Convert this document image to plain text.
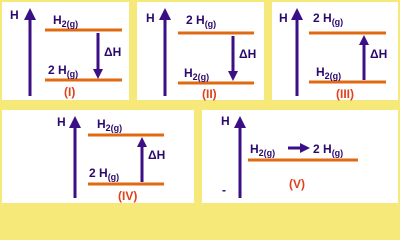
H	$H_{2(g)}$
2 $H_{(g)}$
ΔH
(I)
H	2 $H_{(g)}$
$H_{2(g)}$
ΔH
(II)
H 2 $H_{(g)}$
$H_{2(g)}$
ΔH
(III)
H	$H_{2(g)}$
2 $H_{(g)}$
ΔH
(IV)
H
$H_{2(g)}$	2 $H_{(g)}$
-	(V)
